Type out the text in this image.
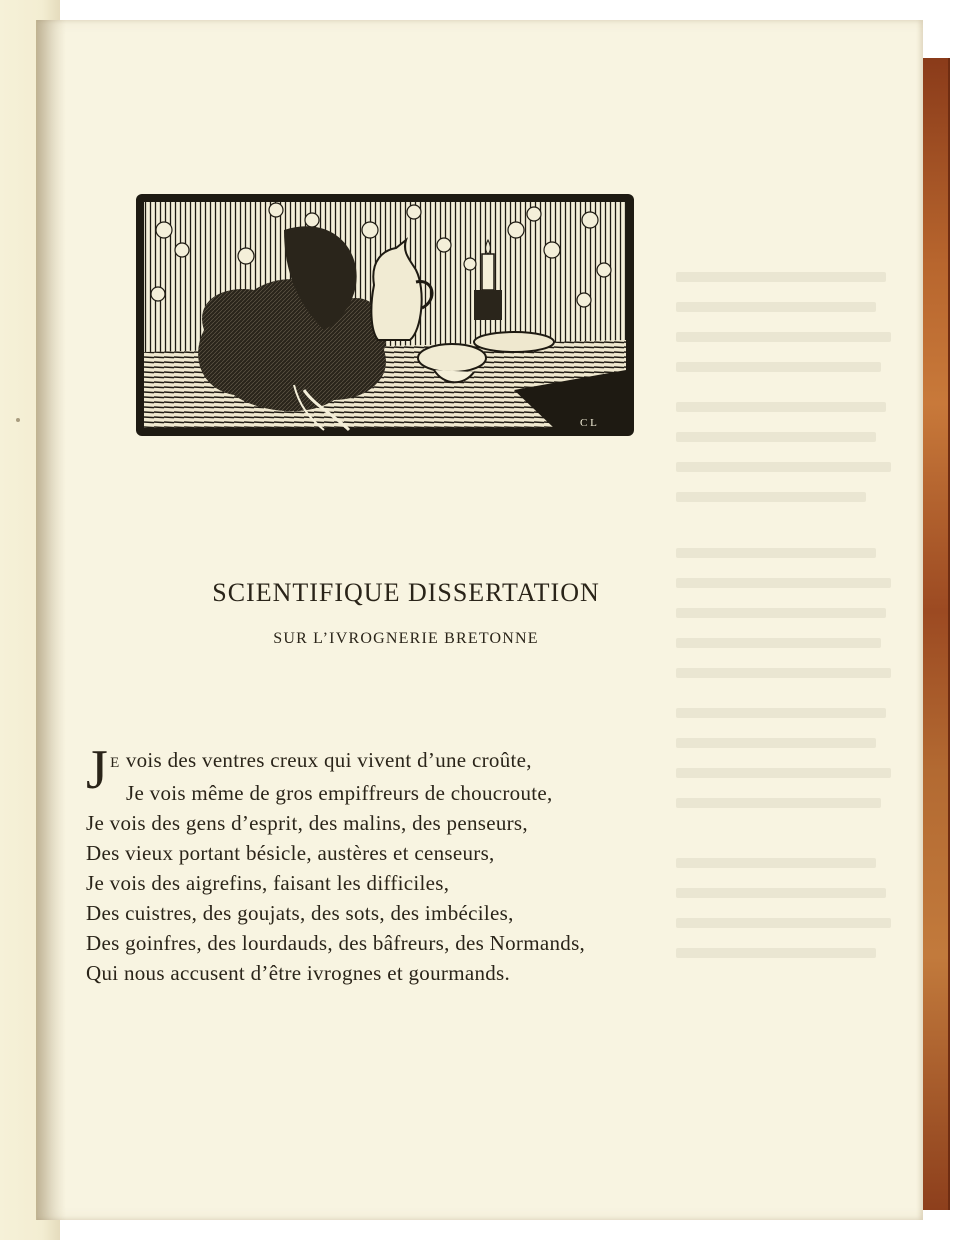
C L
SCIENTIFIQUE DISSERTATION
SUR L’IVROGNERIE BRETONNE
J E vois des ventres creux qui vivent d’une croûte,
Je vois même de gros empiffreurs de choucroute,
Je vois des gens d’esprit, des malins, des penseurs,
Des vieux portant bésicle, austères et censeurs,
Je vois des aigrefins, faisant les difficiles,
Des cuistres, des goujats, des sots, des imbéciles,
Des goinfres, des lourdauds, des bâfreurs, des Normands,
Qui nous accusent d’être ivrognes et gourmands.
